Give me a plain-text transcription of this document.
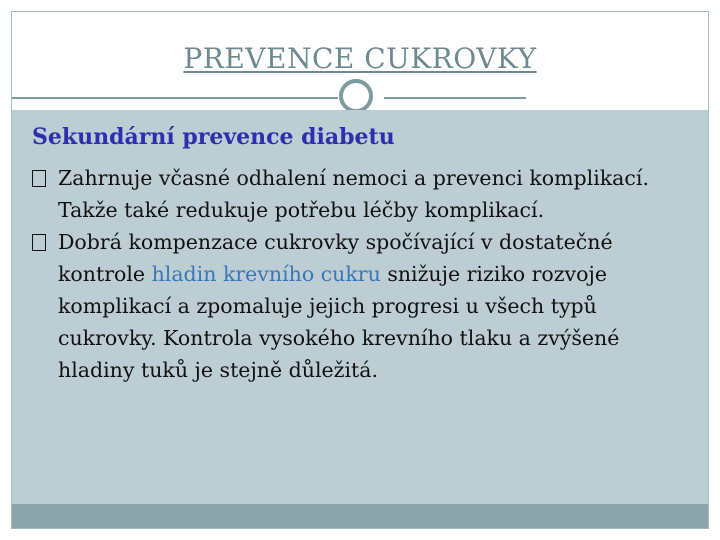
PREVENCE CUKROVKY
Sekundární prevence diabetu
Zahrnuje včasné odhalení nemoci a prevenci komplikací. Takže také redukuje potřebu léčby komplikací.
Dobrá kompenzace cukrovky spočívající v dostatečné kontrole hladin krevního cukru snižuje riziko rozvoje komplikací a zpomaluje jejich progresi u všech typů cukrovky. Kontrola vysokého krevního tlaku a zvýšené hladiny tuků je stejně důležitá.
